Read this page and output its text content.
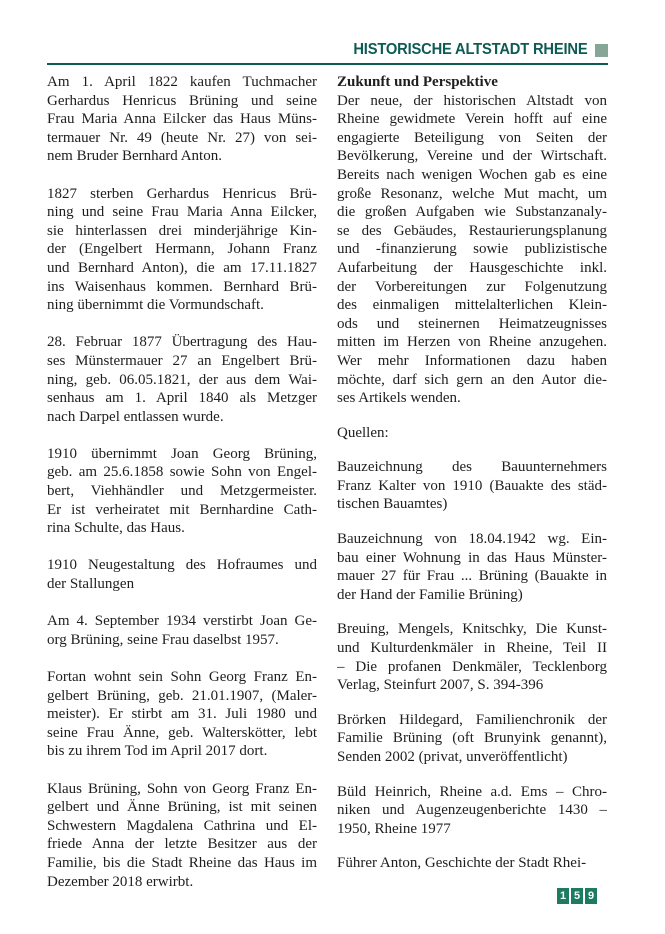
HISTORISCHE ALTSTADT RHEINE
Am 1. April 1822 kaufen Tuchmacher
Gerhardus Henricus Brüning und seine
Frau Maria Anna Eilcker das Haus Müns-
termauer Nr. 49 (heute Nr. 27) von sei-
nem Bruder Bernhard Anton.
1827 sterben Gerhardus Henricus Brü-
ning und seine Frau Maria Anna Eilcker,
sie hinterlassen drei minderjährige Kin-
der (Engelbert Hermann, Johann Franz
und Bernhard Anton), die am 17.11.1827
ins Waisenhaus kommen. Bernhard Brü-
ning übernimmt die Vormundschaft.
28. Februar 1877 Übertragung des Hau-
ses Münstermauer 27 an Engelbert Brü-
ning, geb. 06.05.1821, der aus dem Wai-
senhaus am 1. April 1840 als Metzger
nach Darpel entlassen wurde.
1910 übernimmt Joan Georg Brüning,
geb. am 25.6.1858 sowie Sohn von Engel-
bert, Viehhändler und Metzgermeister.
Er ist verheiratet mit Bernhardine Cath-
rina Schulte, das Haus.
1910 Neugestaltung des Hofraumes und
der Stallungen
Am 4. September 1934 verstirbt Joan Ge-
org Brüning, seine Frau daselbst 1957.
Fortan wohnt sein Sohn Georg Franz En-
gelbert Brüning, geb. 21.01.1907, (Maler-
meister). Er stirbt am 31. Juli 1980 und
seine Frau Änne, geb. Walterskötter, lebt
bis zu ihrem Tod im April 2017 dort.
Klaus Brüning, Sohn von Georg Franz En-
gelbert und Änne Brüning, ist mit seinen
Schwestern Magdalena Cathrina und El-
friede Anna der letzte Besitzer aus der
Familie, bis die Stadt Rheine das Haus im
Dezember 2018 erwirbt.
Zukunft und Perspektive
Der neue, der historischen Altstadt von
Rheine gewidmete Verein hofft auf eine
engagierte Beteiligung von Seiten der
Bevölkerung, Vereine und der Wirtschaft.
Bereits nach wenigen Wochen gab es eine
große Resonanz, welche Mut macht, um
die großen Aufgaben wie Substanzanaly-
se des Gebäudes, Restaurierungsplanung
und -finanzierung sowie publizistische
Aufarbeitung der Hausgeschichte inkl.
der Vorbereitungen zur Folgenutzung
des einmaligen mittelalterlichen Klein-
ods und steinernen Heimatzeugnisses
mitten im Herzen von Rheine anzugehen.
Wer mehr Informationen dazu haben
möchte, darf sich gern an den Autor die-
ses Artikels wenden.
Quellen:
Bauzeichnung des Bauunternehmers
Franz Kalter von 1910 (Bauakte des städ-
tischen Bauamtes)
Bauzeichnung von 18.04.1942 wg. Ein-
bau einer Wohnung in das Haus Münster-
mauer 27 für Frau ... Brüning (Bauakte in
der Hand der Familie Brüning)
Breuing, Mengels, Knitschky, Die Kunst-
und Kulturdenkmäler in Rheine, Teil II
– Die profanen Denkmäler, Tecklenborg
Verlag, Steinfurt 2007, S. 394-396
Brörken Hildegard, Familienchronik der
Familie Brüning (oft Brunyink genannt),
Senden 2002 (privat, unveröffentlicht)
Büld Heinrich, Rheine a.d. Ems – Chro-
niken und Augenzeugenberichte 1430 –
1950, Rheine 1977
Führer Anton, Geschichte der Stadt Rhei-
1 5 9
